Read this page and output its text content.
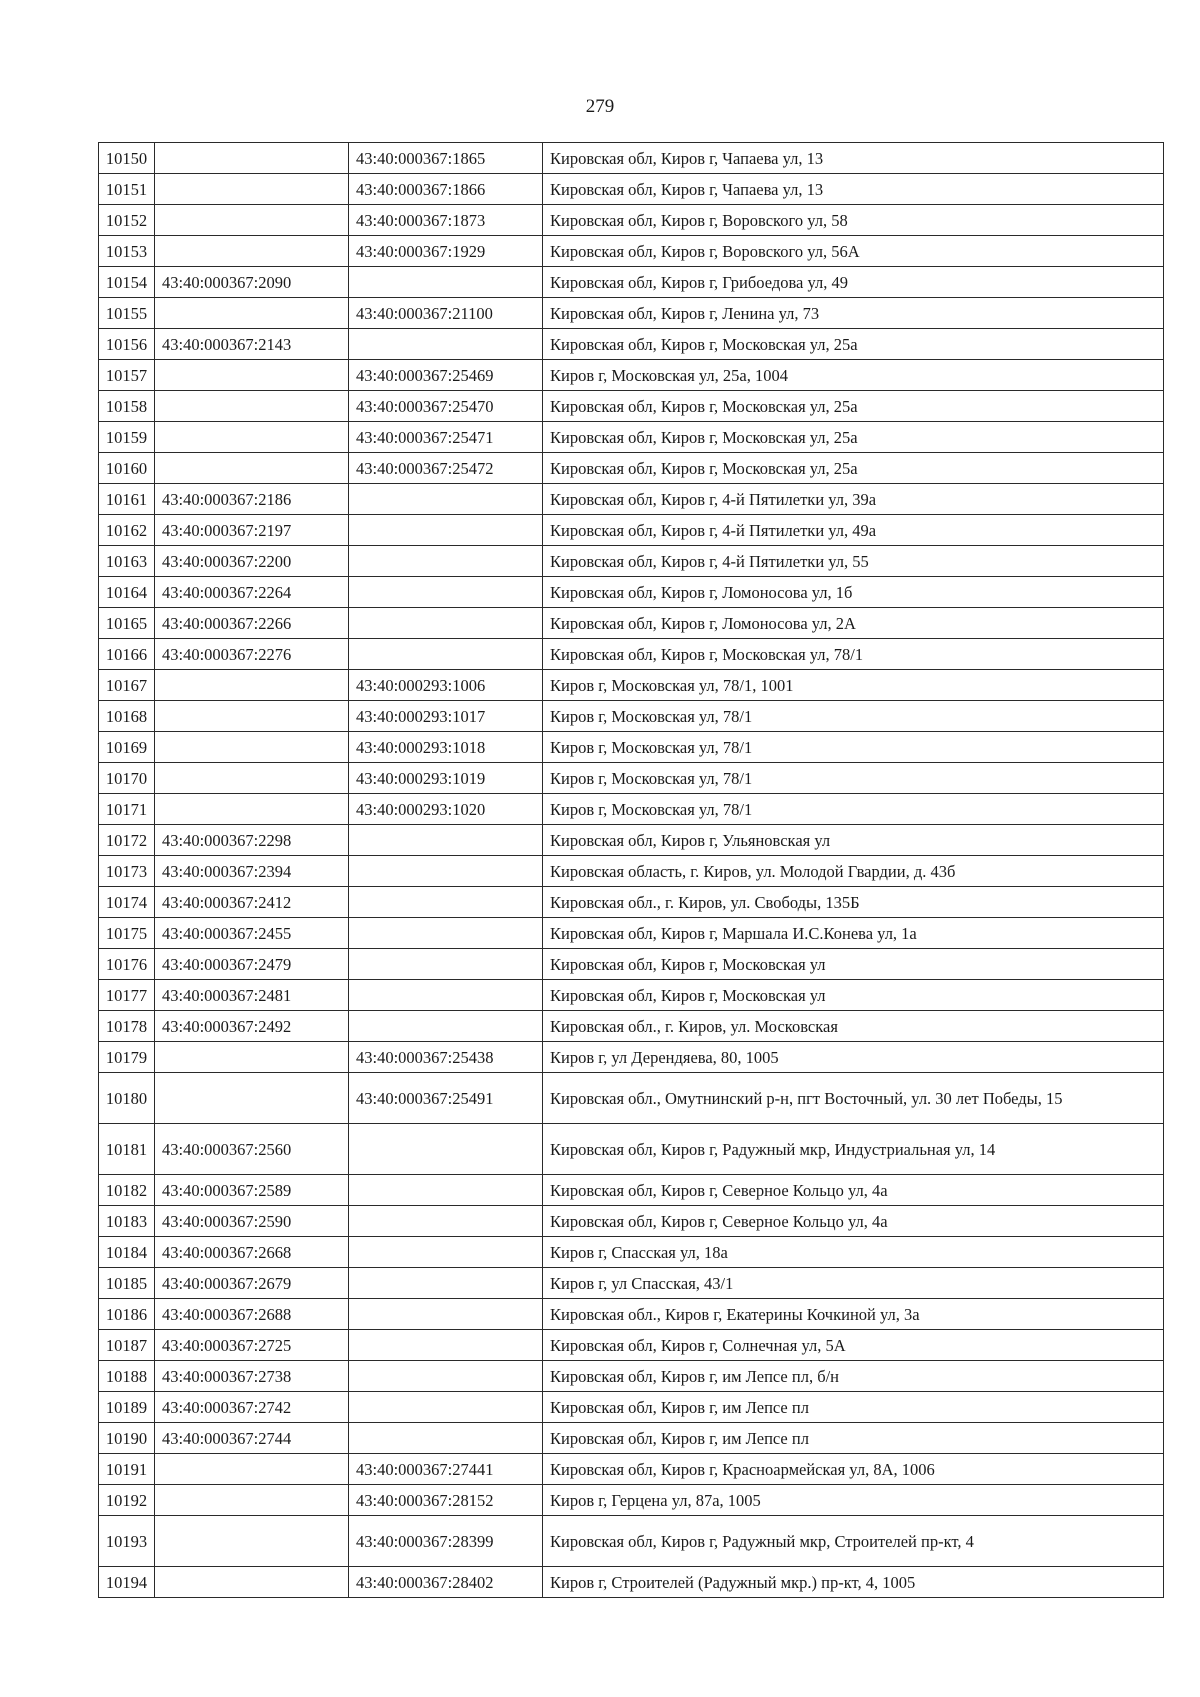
279
10150		43:40:000367:1865	Кировская обл, Киров г, Чапаева ул, 13
10151		43:40:000367:1866	Кировская обл, Киров г, Чапаева ул, 13
10152		43:40:000367:1873	Кировская обл, Киров г, Воровского ул, 58
10153		43:40:000367:1929	Кировская обл, Киров г, Воровского ул, 56А
10154	43:40:000367:2090		Кировская обл, Киров г, Грибоедова ул, 49
10155		43:40:000367:21100	Кировская обл, Киров г, Ленина ул, 73
10156	43:40:000367:2143		Кировская обл, Киров г, Московская ул, 25а
10157		43:40:000367:25469	Киров г, Московская ул, 25а, 1004
10158		43:40:000367:25470	Кировская обл, Киров г, Московская ул, 25а
10159		43:40:000367:25471	Кировская обл, Киров г, Московская ул, 25а
10160		43:40:000367:25472	Кировская обл, Киров г, Московская ул, 25а
10161	43:40:000367:2186		Кировская обл, Киров г, 4-й Пятилетки ул, 39а
10162	43:40:000367:2197		Кировская обл, Киров г, 4-й Пятилетки ул, 49а
10163	43:40:000367:2200		Кировская обл, Киров г, 4-й Пятилетки ул, 55
10164	43:40:000367:2264		Кировская обл, Киров г, Ломоносова ул, 1б
10165	43:40:000367:2266		Кировская обл, Киров г, Ломоносова ул, 2А
10166	43:40:000367:2276		Кировская обл, Киров г, Московская ул, 78/1
10167		43:40:000293:1006	Киров г, Московская ул, 78/1, 1001
10168		43:40:000293:1017	Киров г, Московская ул, 78/1
10169		43:40:000293:1018	Киров г, Московская ул, 78/1
10170		43:40:000293:1019	Киров г, Московская ул, 78/1
10171		43:40:000293:1020	Киров г, Московская ул, 78/1
10172	43:40:000367:2298		Кировская обл, Киров г, Ульяновская ул
10173	43:40:000367:2394		Кировская область, г. Киров, ул. Молодой Гвардии, д. 43б
10174	43:40:000367:2412		Кировская обл., г. Киров, ул. Свободы, 135Б
10175	43:40:000367:2455		Кировская обл, Киров г, Маршала И.С.Конева ул, 1а
10176	43:40:000367:2479		Кировская обл, Киров г, Московская ул
10177	43:40:000367:2481		Кировская обл, Киров г, Московская ул
10178	43:40:000367:2492		Кировская обл., г. Киров, ул. Московская
10179		43:40:000367:25438	Киров г, ул Дерендяева, 80, 1005
10180		43:40:000367:25491	Кировская обл., Омутнинский р-н, пгт Восточный, ул. 30 лет Победы, 15
10181	43:40:000367:2560		Кировская обл, Киров г, Радужный мкр, Индустриальная ул, 14
10182	43:40:000367:2589		Кировская обл, Киров г, Северное Кольцо ул, 4а
10183	43:40:000367:2590		Кировская обл, Киров г, Северное Кольцо ул, 4а
10184	43:40:000367:2668		Киров г, Спасская ул, 18а
10185	43:40:000367:2679		Киров г, ул Спасская, 43/1
10186	43:40:000367:2688		Кировская обл., Киров г, Екатерины Кочкиной ул, 3а
10187	43:40:000367:2725		Кировская обл, Киров г, Солнечная ул, 5А
10188	43:40:000367:2738		Кировская обл, Киров г, им Лепсе пл, б/н
10189	43:40:000367:2742		Кировская обл, Киров г, им Лепсе пл
10190	43:40:000367:2744		Кировская обл, Киров г, им Лепсе пл
10191		43:40:000367:27441	Кировская обл, Киров г, Красноармейская ул, 8А, 1006
10192		43:40:000367:28152	Киров г, Герцена ул, 87а, 1005
10193		43:40:000367:28399	Кировская обл, Киров г, Радужный мкр, Строителей пр-кт, 4
10194		43:40:000367:28402	Киров г, Строителей (Радужный мкр.) пр-кт, 4, 1005
